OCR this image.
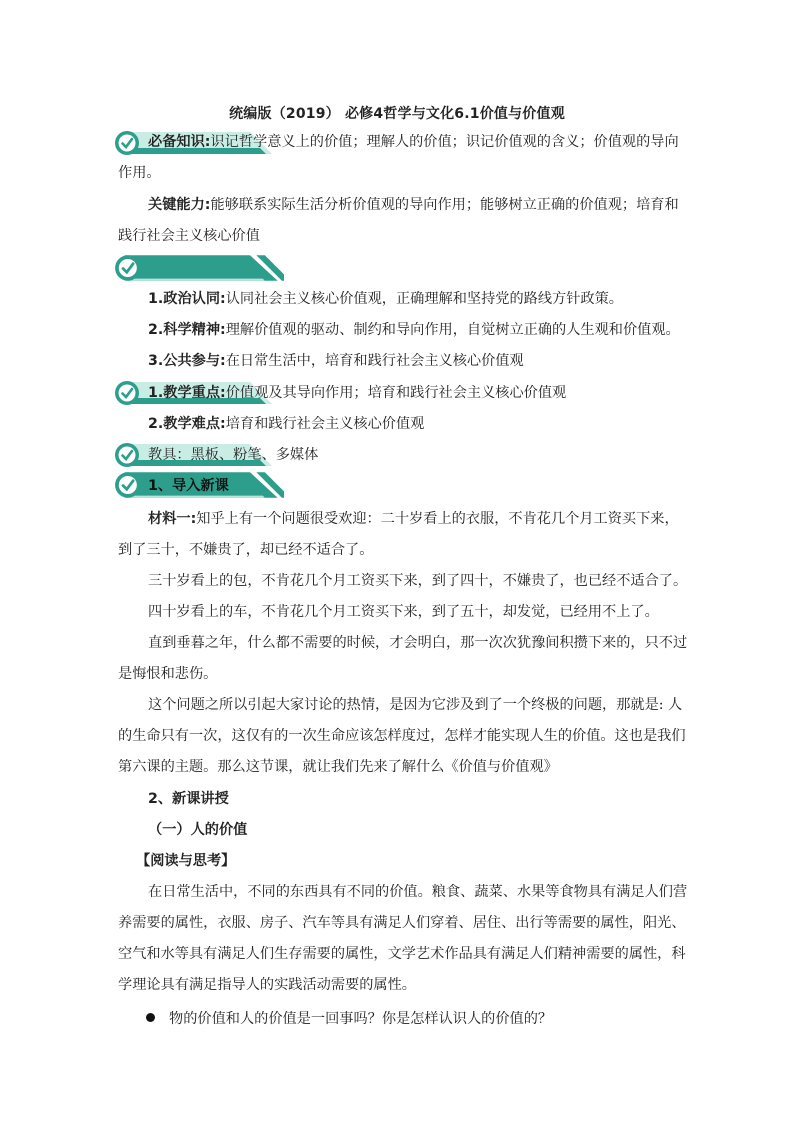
统编版（2019） 必修4哲学与文化6.1价值与价值观
必备知识:识记哲学意义上的价值；理解人的价值；识记价值观的含义；价值观的导向
作用。
关键能力:能够联系实际生活分析价值观的导向作用；能够树立正确的价值观；培育和
践行社会主义核心价值
1.政治认同:认同社会主义核心价值观，正确理解和坚持党的路线方针政策。
2.科学精神:理解价值观的驱动、制约和导向作用，自觉树立正确的人生观和价值观。
3.公共参与:在日常生活中，培育和践行社会主义核心价值观
1.教学重点:价值观及其导向作用；培育和践行社会主义核心价值观
2.教学难点:培育和践行社会主义核心价值观
教具：黑板、粉笔、多媒体
1、导入新课
材料一:知乎上有一个问题很受欢迎：二十岁看上的衣服，不肯花几个月工资买下来，
到了三十，不嫌贵了，却已经不适合了。
三十岁看上的包，不肯花几个月工资买下来，到了四十，不嫌贵了，也已经不适合了。
四十岁看上的车，不肯花几个月工资买下来，到了五十，却发觉，已经用不上了。
直到垂暮之年，什么都不需要的时候，才会明白，那一次次犹豫间积攒下来的，只不过
是悔恨和悲伤。
这个问题之所以引起大家讨论的热情，是因为它涉及到了一个终极的问题，那就是: 人
的生命只有一次，这仅有的一次生命应该怎样度过，怎样才能实现人生的价值。这也是我们
第六课的主题。那么这节课，就让我们先来了解什么《价值与价值观》
2、新课讲授
（一）人的价值
【阅读与思考】
在日常生活中，不同的东西具有不同的价值。粮食、蔬菜、水果等食物具有满足人们营
养需要的属性，衣服、房子、汽车等具有满足人们穿着、居住、出行等需要的属性，阳光、
空气和水等具有满足人们生存需要的属性，文学艺术作品具有满足人们精神需要的属性，科
学理论具有满足指导人的实践活动需要的属性。
物的价值和人的价值是一回事吗？你是怎样认识人的价值的？
